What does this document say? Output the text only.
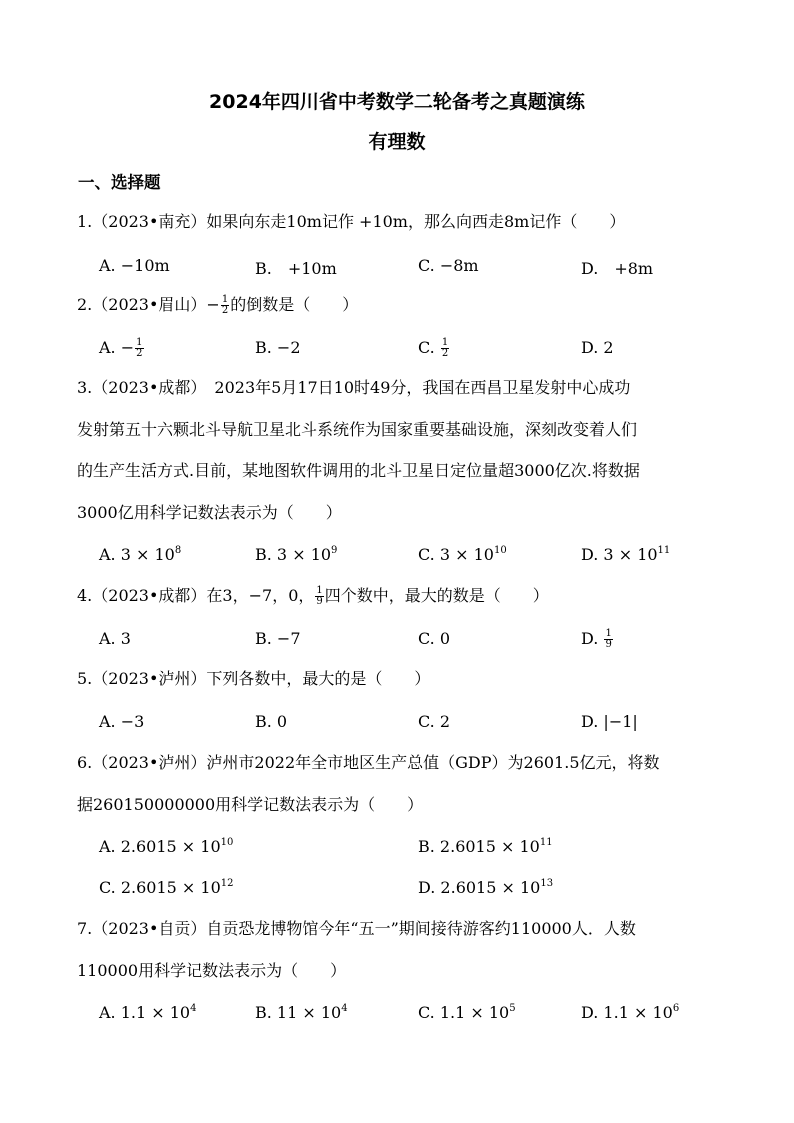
2024年四川省中考数学二轮备考之真题演练
有理数
一、选择题
1.（2023•南充）如果向东走10m记作 +10m，那么向西走8m记作（　　）
A. −10m	B.　+10m	C. −8m	D.　+8m
2.（2023•眉山）− $\frac{1}{2}$ 的倒数是（　　）
A. − $\frac{1}{2}$	B. −2	C. $\frac{1}{2}$	D. 2
3.（2023•成都）　2023年5月17日10时49分，我国在西昌卫星发射中心成功
发射第五十六颗北斗导航卫星北斗系统作为国家重要基础设施，深刻改变着人们
的生产生活方式.目前，某地图软件调用的北斗卫星日定位量超3000亿次.将数据
3000亿用科学记数法表示为（　　）
A. $3 \times 10^8$	B. $3 \times 10^9$	C. $3 \times 10^{10}$	D. $3 \times 10^{11}$
4.（2023•成都）在3，−7，0， $\frac{1}{9}$ 四个数中，最大的数是（　　）
A. 3	B. −7	C. 0	D. $\frac{1}{9}$
5.（2023•泸州）下列各数中，最大的是（　　）
A. −3	B. 0	C. 2	D. |−1|
6.（2023•泸州）泸州市2022年全市地区生产总值（GDP）为2601.5亿元，将数
据260150000000用科学记数法表示为（　　）
A. $2.6015 \times 10^{10}$	B. $2.6015 \times 10^{11}$
C. $2.6015 \times 10^{12}$	D. $2.6015 \times 10^{13}$
7.（2023•自贡）自贡恐龙博物馆今年“五一”期间接待游客约110000人．人数
110000用科学记数法表示为（　　）
A. $1.1 \times 10^4$	B. $11 \times 10^4$	C. $1.1 \times 10^5$	D. $1.1 \times 10^6$
